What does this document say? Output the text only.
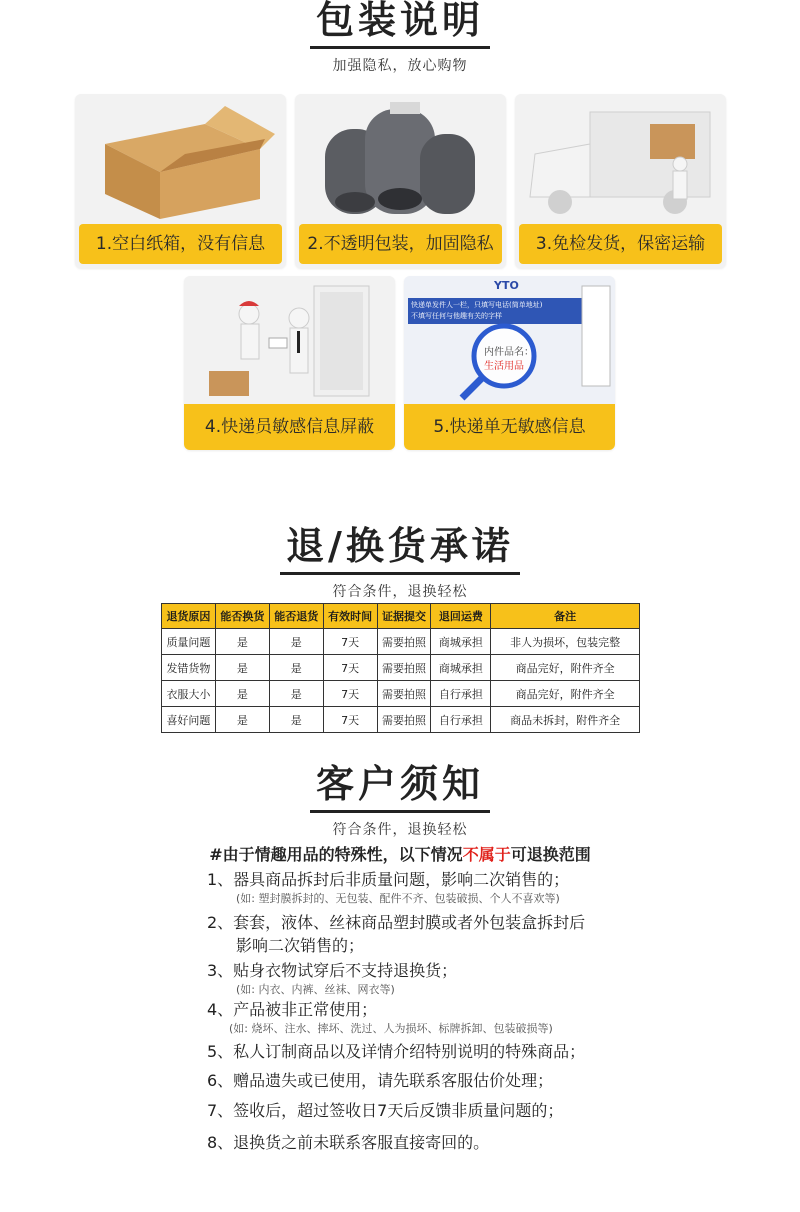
包装说明
加强隐私，放心购物
1.空白纸箱，没有信息	2.不透明包装，加固隐私	3.免检发货，保密运输
4.快递员敏感信息屏蔽
YTO
快递单发件人一栏，只填写电话(简单地址)
不填写任何与他趣有关的字样
内件品名：
生活用品
5.快递单无敏感信息
退/换货承诺
符合条件，退换轻松
退货原因	能否换货	能否退货	有效时间	证据提交	退回运费	备注
质量问题	是	是	7天	需要拍照	商城承担	非人为损坏，包装完整
发错货物	是	是	7天	需要拍照	商城承担	商品完好，附件齐全
衣服大小	是	是	7天	需要拍照	自行承担	商品完好，附件齐全
喜好问题	是	是	7天	需要拍照	自行承担	商品未拆封，附件齐全
客户须知
符合条件，退换轻松
#由于情趣用品的特殊性，以下情况不属于可退换范围
1、器具商品拆封后非质量问题，影响二次销售的；
(如: 塑封膜拆封的、无包装、配件不齐、包装破损、个人不喜欢等)
2、套套，液体、丝袜商品塑封膜或者外包装盒拆封后
影响二次销售的；
3、贴身衣物试穿后不支持退换货；
(如: 内衣、内裤、丝袜、网衣等)
4、产品被非正常使用；
(如: 烧坏、注水、摔坏、洗过、人为损坏、标牌拆卸、包装破损等)
5、私人订制商品以及详情介绍特别说明的特殊商品；
6、赠品遗失或已使用，请先联系客服估价处理；
7、签收后，超过签收日7天后反馈非质量问题的；
8、退换货之前未联系客服直接寄回的。
